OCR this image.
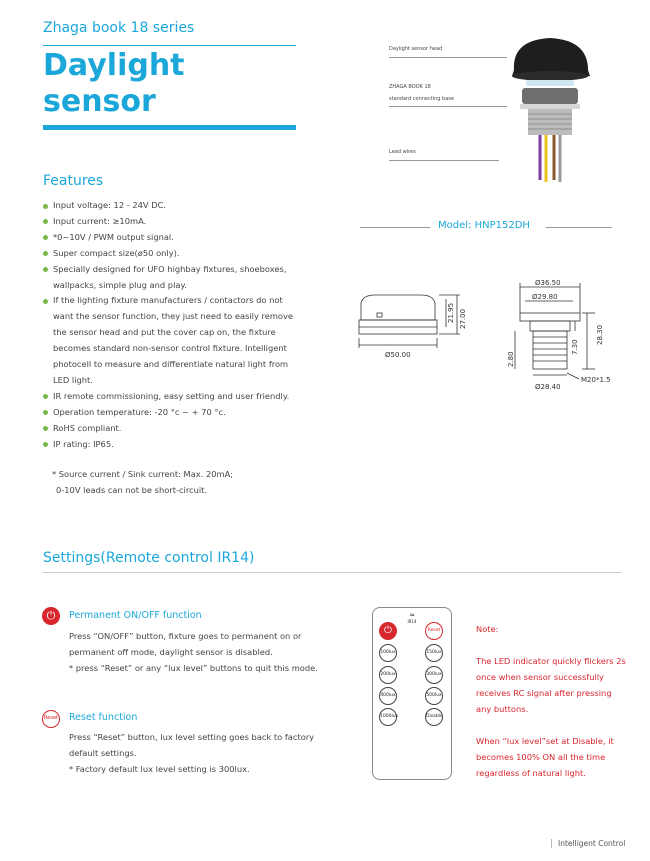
Zhaga book 18 series
Daylight
sensor
Features
Input voltage: 12 - 24V DC.
Input current: ≥10mA.
*0~10V / PWM output signal.
Super compact size(ø50 only).
Specially designed for UFO highbay fixtures, shoeboxes, wallpacks, simple plug and play.
If the lighting fixture manufacturers / contactors do not want the sensor function, they just need to easily remove the sensor head and put the cover cap on, the fixture becomes standard non-sensor control fixture. Intelligent photocell to measure and differentiate natural light from LED light.
IR remote commissioning, easy setting and user friendly.
Operation temperature: -20 °c ~ + 70 °c.
RoHS compliant.
IP rating: IP65.
* Source current / Sink current: Max. 20mA;
0-10V leads can not be short-circuit.
Daylight sensor head
ZHAGA BOOK 18
standard connecting base
Lead wires
Model: HNP152DH
Ø50.00
21.95 27.00
Ø36.50
Ø29.80
7.30
28.30
2.80
M20*1.5
Ø28.40
Settings(Remote control IR14)
⏻	Permanent ON/OFF function
Press “ON/OFF” button, fixture goes to permanent on or
permanent off mode, daylight sensor is disabled.
* press “Reset” or any “lux level” buttons to quit this mode.
Reset Reset function
Press “Reset” button, lux level setting goes back to factory
default settings.
* Factory default lux level setting is 300lux.
≈
IR14
⏻	Reset
100lux	150lux
200lux	300lux
400lux	500lux
1000lux	Disable
Note:
The LED indicator quickly flickers 2s once when sensor successfully receives RC signal after pressing any buttons.
When “lux level”set at Disable, it becomes 100% ON all the time regardless of natural light.
Intelligent Control
